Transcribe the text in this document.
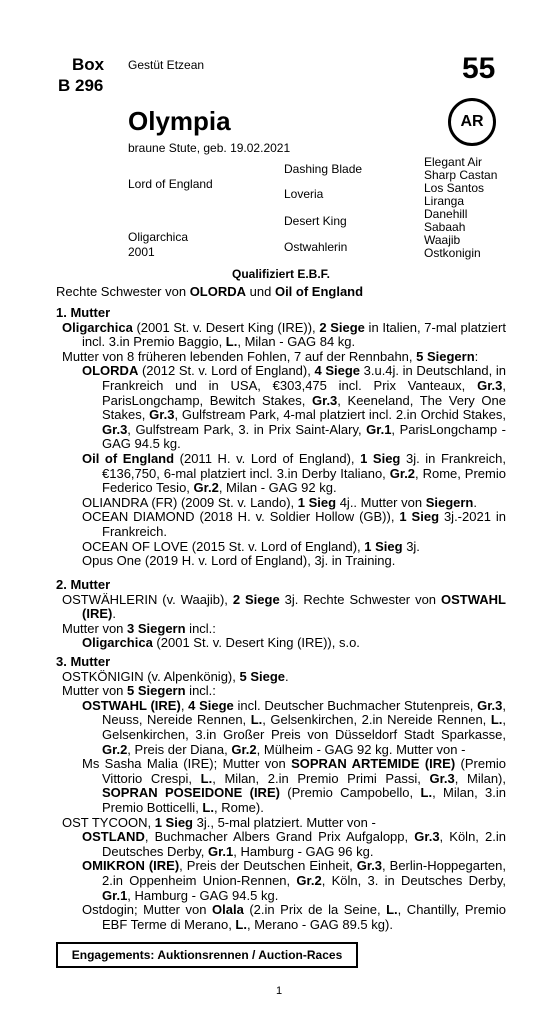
Box
B 296
Gestüt Etzean	55
AR
Olympia
braune Stute, geb. 19.02.2021
Lord of England
Oligarchica
2001
Dashing Blade
Loveria
Desert King
Ostwahlerin
Elegant Air
Sharp Castan
Los Santos
Liranga
Danehill
Sabaah
Waajib
Ostkonigin
Qualifiziert E.B.F.
Rechte Schwester von OLORDA und Oil of England
1. Mutter
Oligarchica (2001 St. v. Desert King (IRE)), 2 Siege in Italien, 7-mal platziert incl. 3.in Premio Baggio, L., Milan - GAG 84 kg.
Mutter von 8 früheren lebenden Fohlen, 7 auf der Rennbahn, 5 Siegern:
OLORDA (2012 St. v. Lord of England), 4 Siege 3.u.4j. in Deutschland, in Frankreich und in USA, €303,475 incl. Prix Vanteaux, Gr.3, ParisLongchamp, Bewitch Stakes, Gr.3, Keeneland, The Very One Stakes, Gr.3, Gulfstream Park, 4-mal platziert incl. 2.in Orchid Stakes, Gr.3, Gulfstream Park, 3. in Prix Saint-Alary, Gr.1, ParisLongchamp - GAG 94.5 kg.
Oil of England (2011 H. v. Lord of England), 1 Sieg 3j. in Frankreich, €136,750, 6-mal platziert incl. 3.in Derby Italiano, Gr.2, Rome, Premio Federico Tesio, Gr.2, Milan - GAG 92 kg.
OLIANDRA (FR) (2009 St. v. Lando), 1 Sieg 4j.. Mutter von Siegern.
OCEAN DIAMOND (2018 H. v. Soldier Hollow (GB)), 1 Sieg 3j.-2021 in Frankreich.
OCEAN OF LOVE (2015 St. v. Lord of England), 1 Sieg 3j.
Opus One (2019 H. v. Lord of England), 3j. in Training.
2. Mutter
OSTWÄHLERIN (v. Waajib), 2 Siege 3j. Rechte Schwester von OSTWAHL (IRE).
Mutter von 3 Siegern incl.:
Oligarchica (2001 St. v. Desert King (IRE)), s.o.
3. Mutter
OSTKÖNIGIN (v. Alpenkönig), 5 Siege.
Mutter von 5 Siegern incl.:
OSTWAHL (IRE), 4 Siege incl. Deutscher Buchmacher Stutenpreis, Gr.3, Neuss, Nereide Rennen, L., Gelsenkirchen, 2.in Nereide Rennen, L., Gelsenkirchen, 3.in Großer Preis von Düsseldorf Stadt Sparkasse, Gr.2, Preis der Diana, Gr.2, Mülheim - GAG 92 kg. Mutter von -
Ms Sasha Malia (IRE); Mutter von SOPRAN ARTEMIDE (IRE) (Premio Vittorio Crespi, L., Milan, 2.in Premio Primi Passi, Gr.3, Milan), SOPRAN POSEIDONE (IRE) (Premio Campobello, L., Milan, 3.in Premio Botticelli, L., Rome).
OST TYCOON, 1 Sieg 3j., 5-mal platziert. Mutter von -
OSTLAND, Buchmacher Albers Grand Prix Aufgalopp, Gr.3, Köln, 2.in Deutsches Derby, Gr.1, Hamburg - GAG 96 kg.
OMIKRON (IRE), Preis der Deutschen Einheit, Gr.3, Berlin-Hoppegarten, 2.in Oppenheim Union-Rennen, Gr.2, Köln, 3. in Deutsches Derby, Gr.1, Hamburg - GAG 94.5 kg.
Ostdogin; Mutter von Olala (2.in Prix de la Seine, L., Chantilly, Premio EBF Terme di Merano, L., Merano - GAG 89.5 kg).
Engagements: Auktionsrennen / Auction-Races
1
